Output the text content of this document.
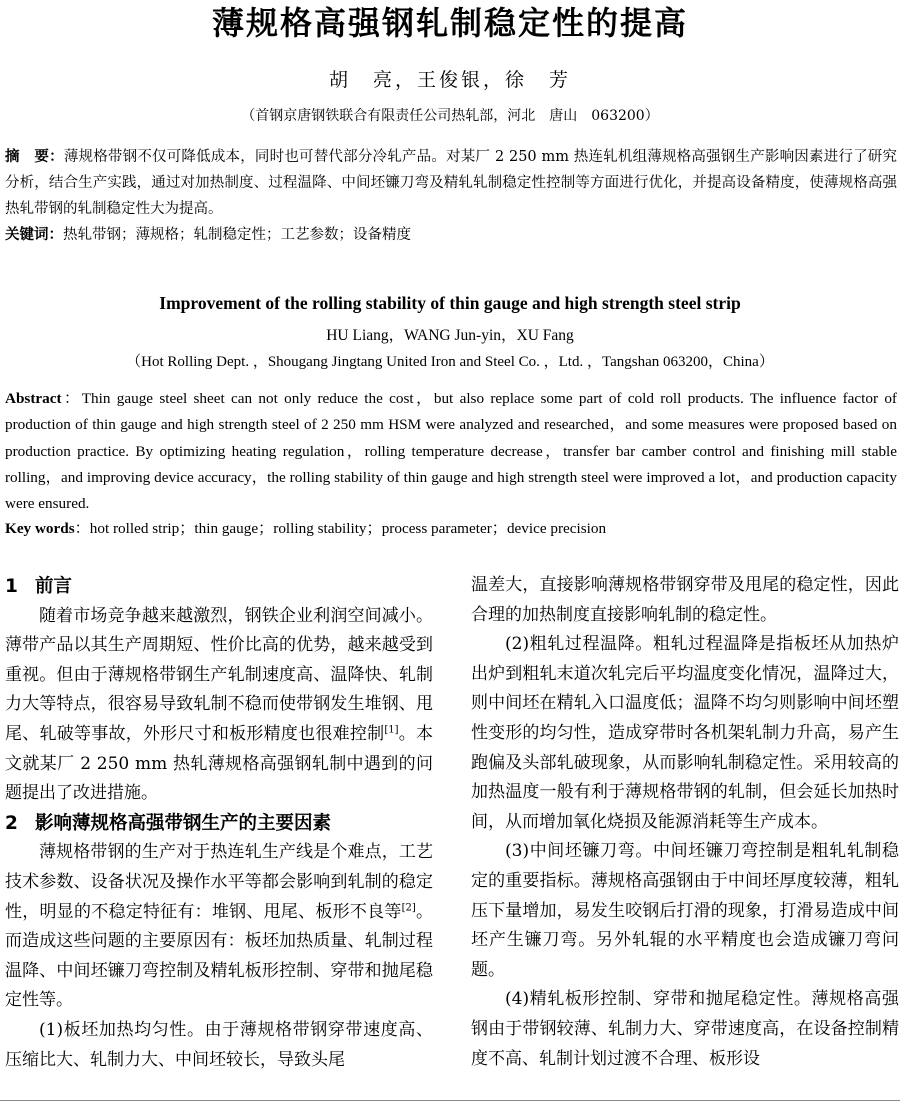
薄规格高强钢轧制稳定性的提高
胡　亮，王俊银，徐　芳
（首钢京唐钢铁联合有限责任公司热轧部，河北　唐山　063200）

摘　要：薄规格带钢不仅可降低成本，同时也可替代部分冷轧产品。对某厂 2 250 mm 热连轧机组薄规格高强钢生产影响因素进行了研究分析，结合生产实践，通过对加热制度、过程温降、中间坯镰刀弯及精轧轧制稳定性控制等方面进行优化，并提高设备精度，使薄规格高强热轧带钢的轧制稳定性大为提高。

关键词：热轧带钢；薄规格；轧制稳定性；工艺参数；设备精度

Improvement of the rolling stability of thin gauge and high strength steel strip
HU Liang，WANG Jun-yin，XU Fang
（Hot Rolling Dept. ，Shougang Jingtang United Iron and Steel Co. ，Ltd. ，Tangshan 063200，China）

Abstract：Thin gauge steel sheet can not only reduce the cost，but also replace some part of cold roll products. The influence factor of production of thin gauge and high strength steel of 2 250 mm HSM were analyzed and researched，and some measures were proposed based on production practice. By optimizing heating regulation，rolling temperature decrease，transfer bar camber control and finishing mill stable rolling，and improving device accuracy，the rolling stability of thin gauge and high strength steel were improved a lot，and production capacity were ensured.

Key words：hot rolled strip；thin gauge；rolling stability；process parameter；device precision

1 前言

随着市场竞争越来越激烈，钢铁企业利润空间减小。薄带产品以其生产周期短、性价比高的优势，越来越受到重视。但由于薄规格带钢生产轧制速度高、温降快、轧制力大等特点，很容易导致轧制不稳而使带钢发生堆钢、甩尾、轧破等事故，外形尺寸和板形精度也很难控制[1]。本文就某厂 2 250 mm 热轧薄规格高强钢轧制中遇到的问题提出了改进措施。

2 影响薄规格高强带钢生产的主要因素

薄规格带钢的生产对于热连轧生产线是个难点，工艺技术参数、设备状况及操作水平等都会影响到轧制的稳定性，明显的不稳定特征有：堆钢、甩尾、板形不良等[2]。而造成这些问题的主要原因有：板坯加热质量、轧制过程温降、中间坯镰刀弯控制及精轧板形控制、穿带和抛尾稳定性等。

(1)板坯加热均匀性。由于薄规格带钢穿带速度高、压缩比大、轧制力大、中间坯较长，导致头尾

温差大，直接影响薄规格带钢穿带及甩尾的稳定性，因此合理的加热制度直接影响轧制的稳定性。

(2)粗轧过程温降。粗轧过程温降是指板坯从加热炉出炉到粗轧末道次轧完后平均温度变化情况，温降过大，则中间坯在精轧入口温度低；温降不均匀则影响中间坯塑性变形的均匀性，造成穿带时各机架轧制力升高，易产生跑偏及头部轧破现象，从而影响轧制稳定性。采用较高的加热温度一般有利于薄规格带钢的轧制，但会延长加热时间，从而增加氧化烧损及能源消耗等生产成本。

(3)中间坯镰刀弯。中间坯镰刀弯控制是粗轧轧制稳定的重要指标。薄规格高强钢由于中间坯厚度较薄，粗轧压下量增加，易发生咬钢后打滑的现象，打滑易造成中间坯产生镰刀弯。另外轧辊的水平精度也会造成镰刀弯问题。

(4)精轧板形控制、穿带和抛尾稳定性。薄规格高强钢由于带钢较薄、轧制力大、穿带速度高，在设备控制精度不高、轧制计划过渡不合理、板形设
